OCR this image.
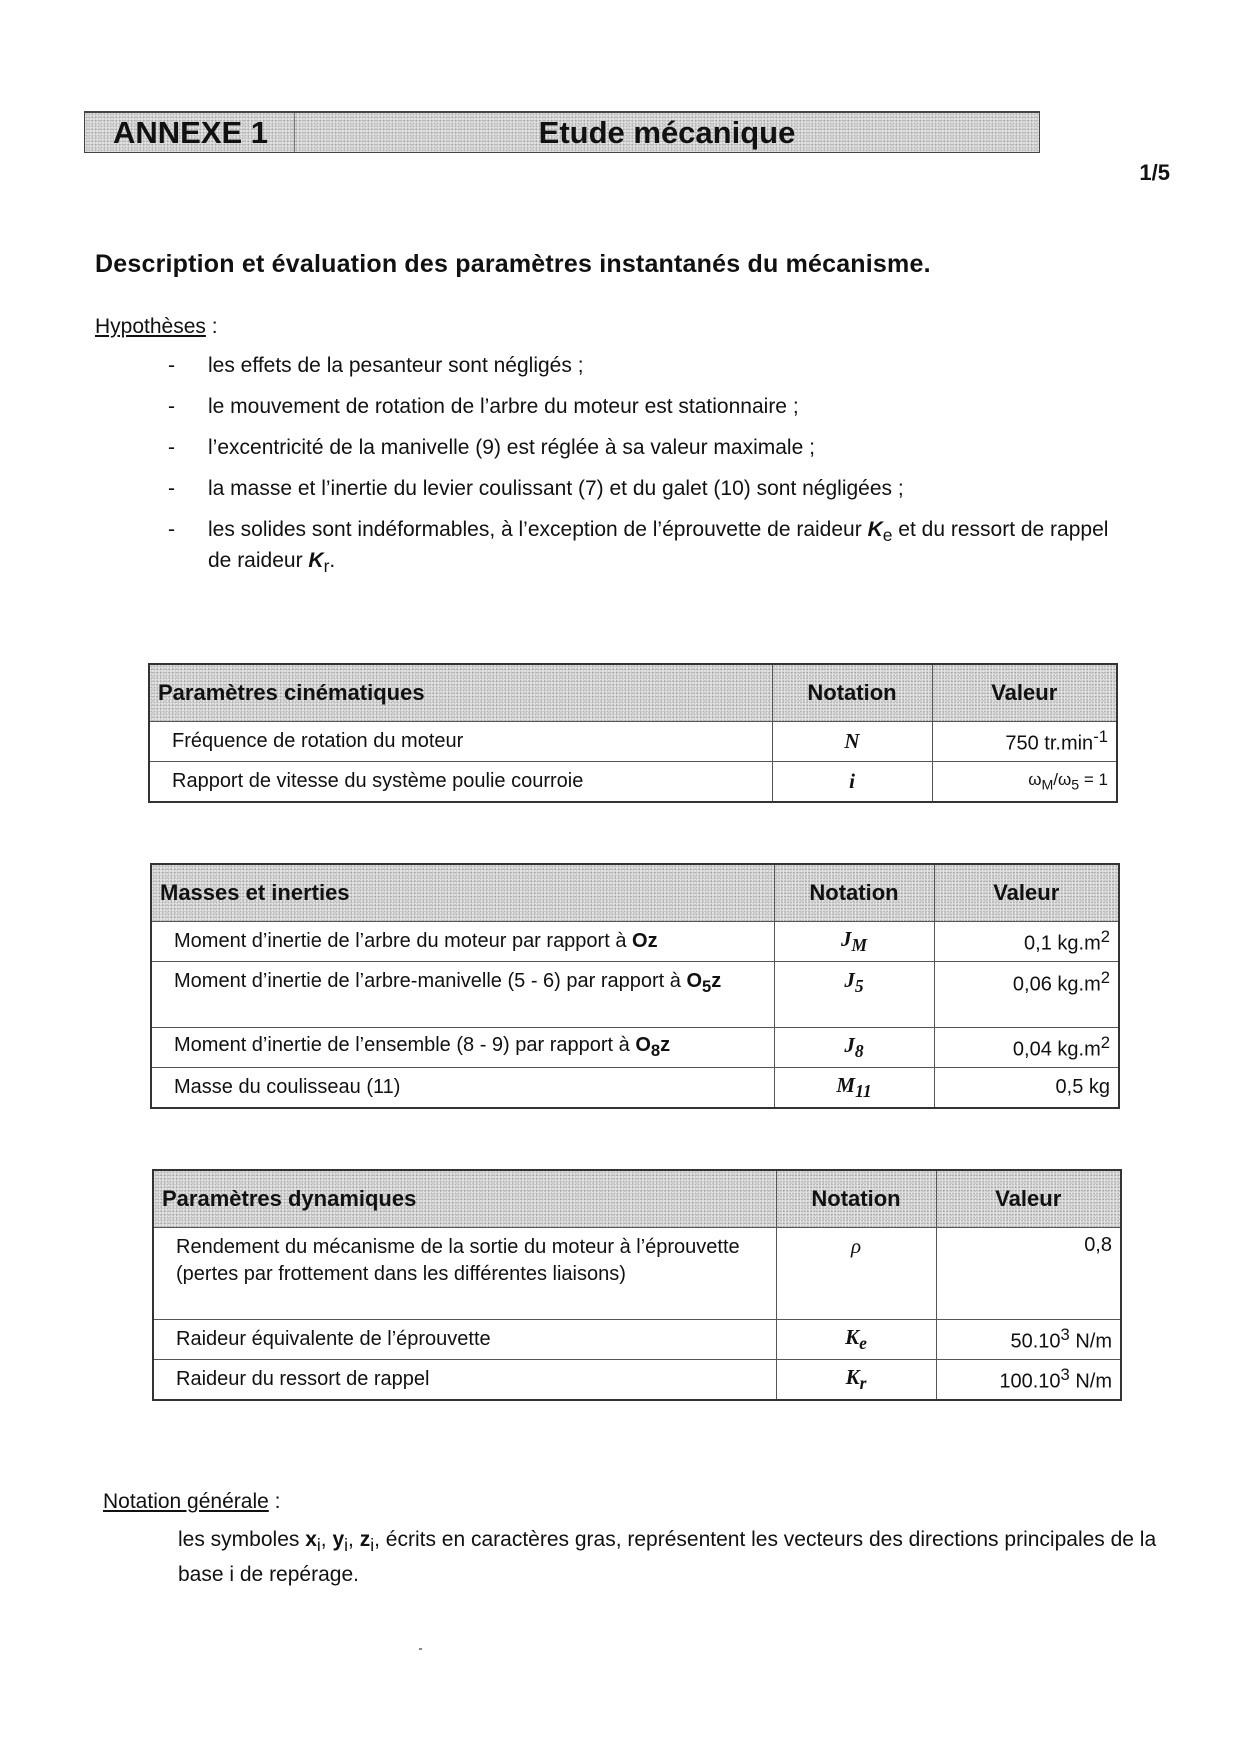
ANNEXE 1	Etude mécanique
1/5
Description et évaluation des paramètres instantanés du mécanisme.
Hypothèses :
- les effets de la pesanteur sont négligés ;
- le mouvement de rotation de l’arbre du moteur est stationnaire ;
- l’excentricité de la manivelle (9) est réglée à sa valeur maximale ;
- la masse et l’inertie du levier coulissant (7) et du galet (10) sont négligées ;
- les solides sont indéformables, à l’exception de l’éprouvette de raideur $K_e$ et du ressort de rappel de raideur $K_r$.
Paramètres cinématiques	Notation	Valeur
Fréquence de rotation du moteur	N	750 $tr.\min^{-1}$
Rapport de vitesse du système poulie courroie	i	$\omega_M/\omega_5 = 1$
Masses et inerties	Notation	Valeur
Moment d’inertie de l’arbre du moteur par rapport à Oz	$J_M$	0,1 $kg.m^2$
Moment d’inertie de l’arbre-manivelle (5 - 6) par rapport à $O_5z$	$J_5$	0,06 $kg.m^2$
Moment d’inertie de l’ensemble (8 - 9) par rapport à $O_8z$	$J_8$	0,04 $kg.m^2$
Masse du coulisseau (11)	$M_{11}$	0,5 kg
Paramètres dynamiques	Notation	Valeur
Rendement du mécanisme de la sortie du moteur à l’éprouvette (pertes par frottement dans les différentes liaisons)	ρ	0,8
Raideur équivalente de l’éprouvette	$K_e$	50.10$^3$ N/m
Raideur du ressort de rappel	$K_r$	100.10$^3$ N/m
Notation générale :
les symboles $x_i$, $y_i$, $z_i$, écrits en caractères gras, représentent les vecteurs des directions principales de la base i de repérage.
